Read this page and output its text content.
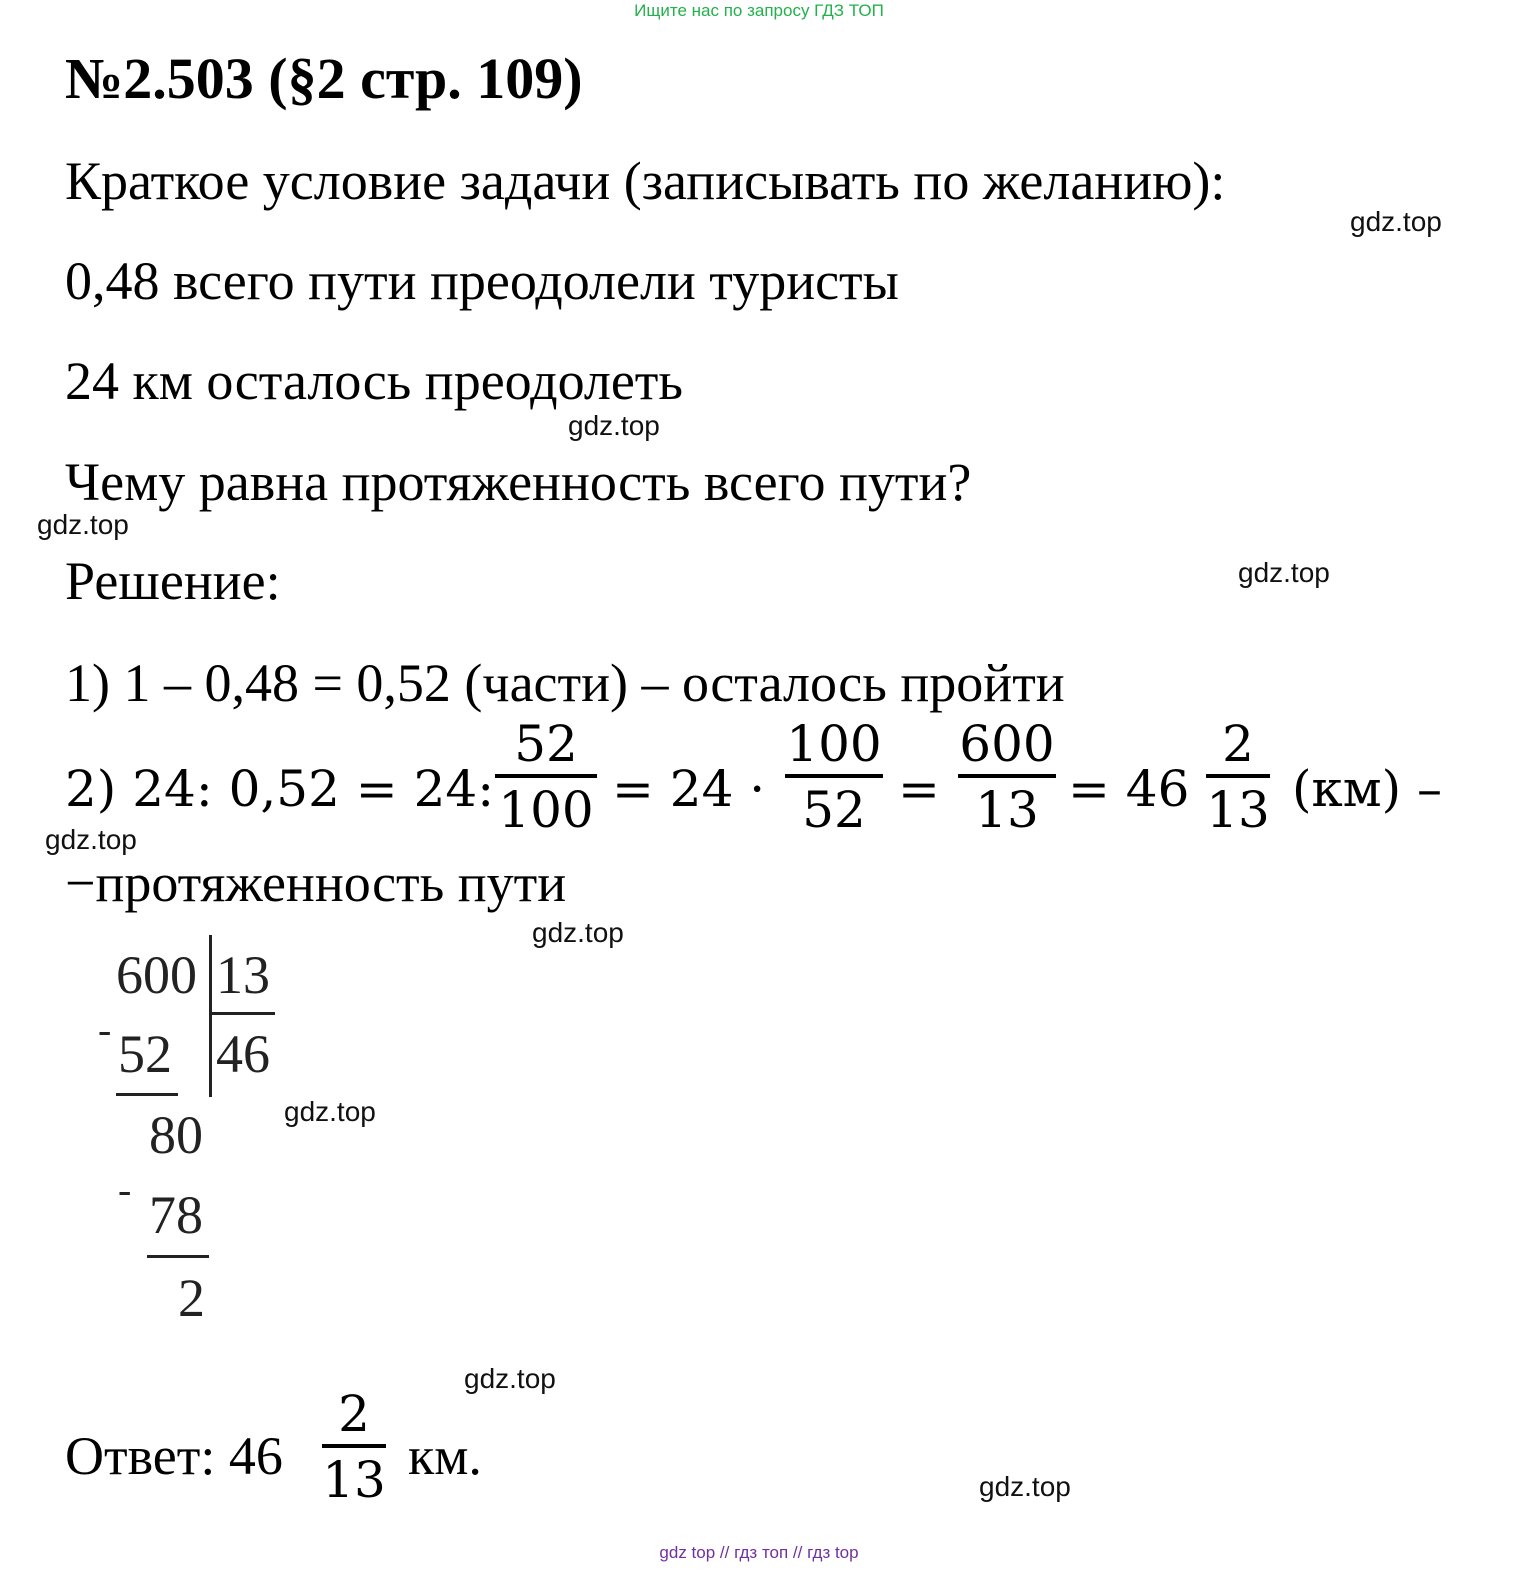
Ищите нас по запросу ГДЗ ТОП
№2.503 (§2 стр. 109)
Краткое условие задачи (записывать по желанию):
0,48 всего пути преодолели туристы
24 км осталось преодолеть
Чему равна протяженность всего пути?
Решение:
1) 1 – 0,48 = 0,52 (части) – осталось пройти
2) 24: 0,52 = 24:
52
100 = 24 ·
100
52 =
600
13 = 46
2
13 (км) –
−протяженность пути
600 13
- 52 46
80
- 78
2
Ответ: 46
2
13 км.
gdz.top
gdz.top
gdz.top
gdz.top
gdz.top
gdz.top
gdz.top
gdz.top
gdz.top
gdz top // гдз топ // гдз top
